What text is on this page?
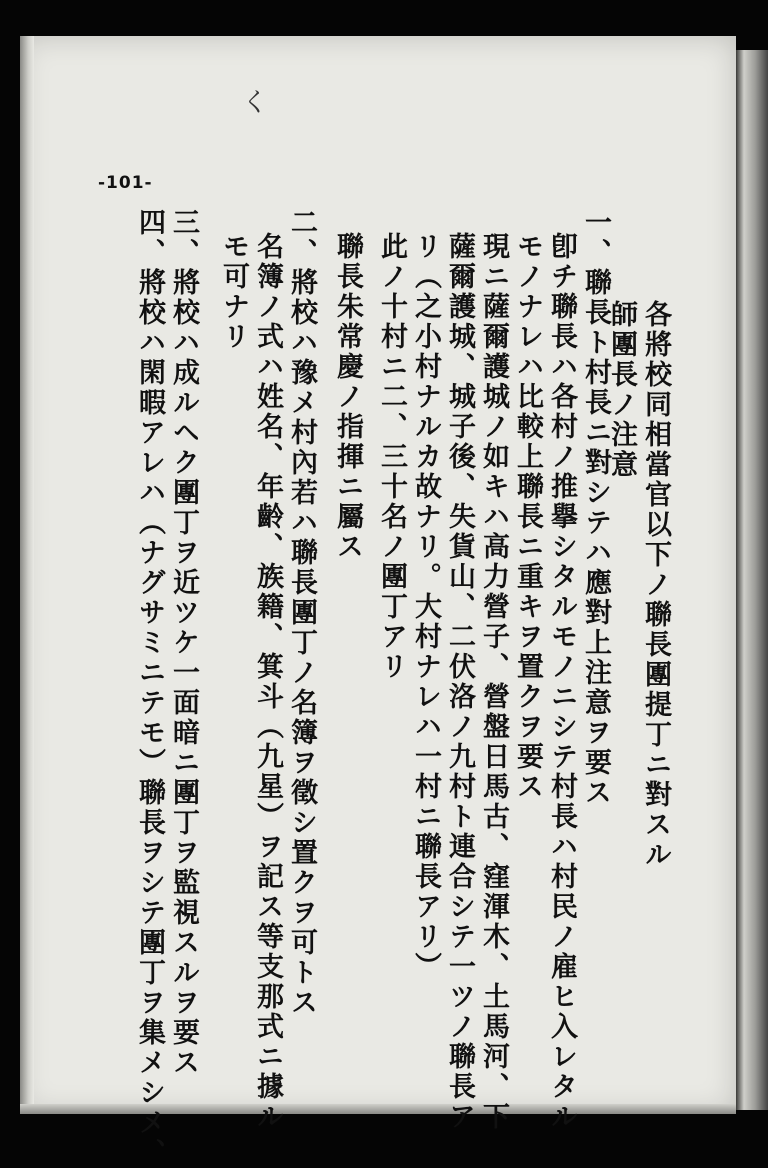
く
-101-
各將校同相當官以下ノ聯長團提丁ニ對スル
師團長ノ注意
一、聯長ト村長ニ對シテハ應對上注意ヲ要ス
卽チ聯長ハ各村ノ推擧シタルモノニシテ村長ハ村民ノ雇ヒ入レタル
モノナレハ比較上聯長ニ重キヲ置クヲ要ス
現ニ薩爾護城ノ如キハ高力營子、營盤日馬古、窪渾木、土馬河、下
薩爾護城、城子後、失貨山、二伏洛ノ九村ト連合シテ一ツノ聯長ア
リ（之小村ナルカ故ナリ。大村ナレハ一村ニ聯長アリ）
此ノ十村ニ二、三十名ノ團丁アリ
聯長朱常慶ノ指揮ニ屬ス
二、將校ハ豫メ村內若ハ聯長團丁ノ名簿ヲ徵シ置クヲ可トス
名簿ノ式ハ姓名、年齡、族籍、箕斗（九星）ヲ記ス等支那式ニ據ル
モ可ナリ
三、將校ハ成ルヘク團丁ヲ近ツケ一面暗ニ團丁ヲ監視スルヲ要ス
四、將校ハ閑暇アレハ（ナグサミニテモ）聯長ヲシテ團丁ヲ集メシメ、
